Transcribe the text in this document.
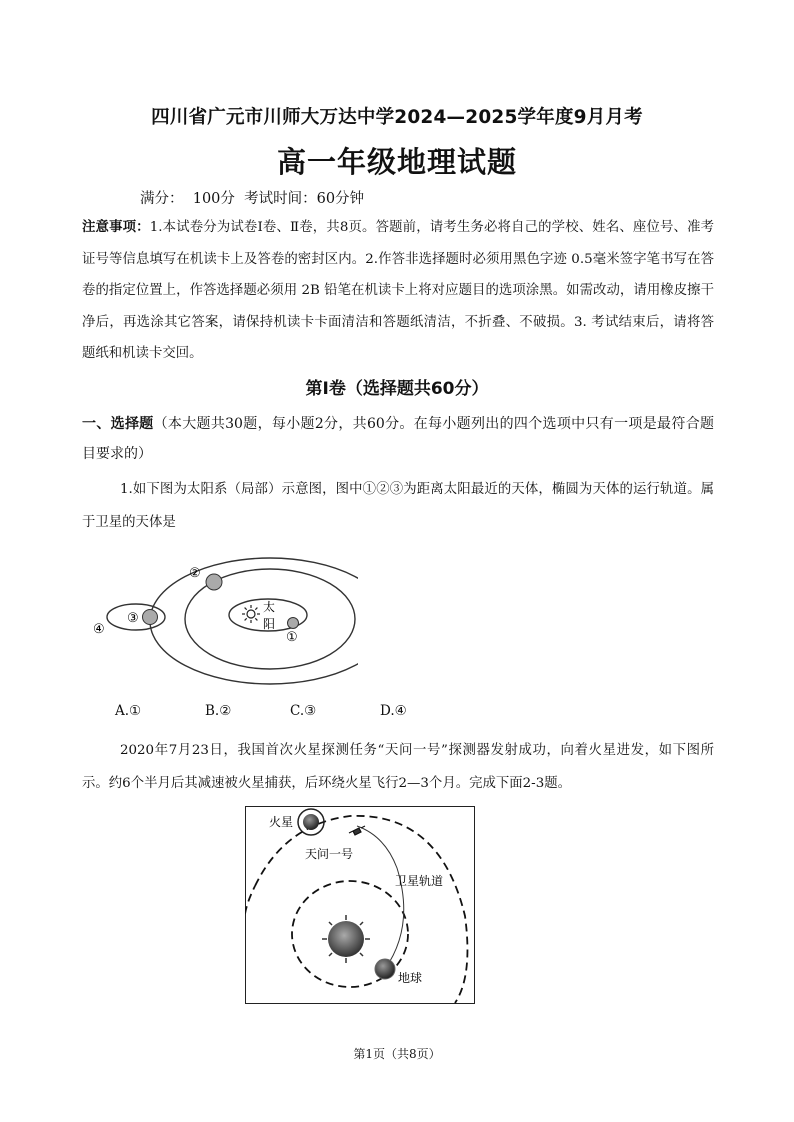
四川省广元市川师大万达中学2024—2025学年度9月月考
高一年级地理试题
满分：  100分  考试时间：60分钟
注意事项：1.本试卷分为试卷Ⅰ卷、Ⅱ卷，共8页。答题前，请考生务必将自己的学校、姓名、座位号、准考证号等信息填写在机读卡上及答卷的密封区内。2.作答非选择题时必须用黑色字迹 0.5毫米签字笔书写在答卷的指定位置上，作答选择题必须用 2B 铅笔在机读卡上将对应题目的选项涂黑。如需改动，请用橡皮擦干净后，再选涂其它答案，请保持机读卡卡面清洁和答题纸清洁，不折叠、不破损。3. 考试结束后，请将答题纸和机读卡交回。
第Ⅰ卷（选择题共60分）
一、选择题（本大题共30题，每小题2分，共60分。在每小题列出的四个选项中只有一项是最符合题目要求的）
1.如下图为太阳系（局部）示意图，图中①②③为距离太阳最近的天体，椭圆为天体的运行轨道。属于卫星的天体是
太
阳
①
②
③
④
A.①	B.②	C.③	D.④
2020年7月23日，我国首次火星探测任务“天问一号”探测器发射成功，向着火星进发，如下图所示。约6个半月后其减速被火星捕获，后环绕火星飞行2—3个月。完成下面2-3题。
火星
天问一号
卫星轨道
地球
第1页（共8页）
